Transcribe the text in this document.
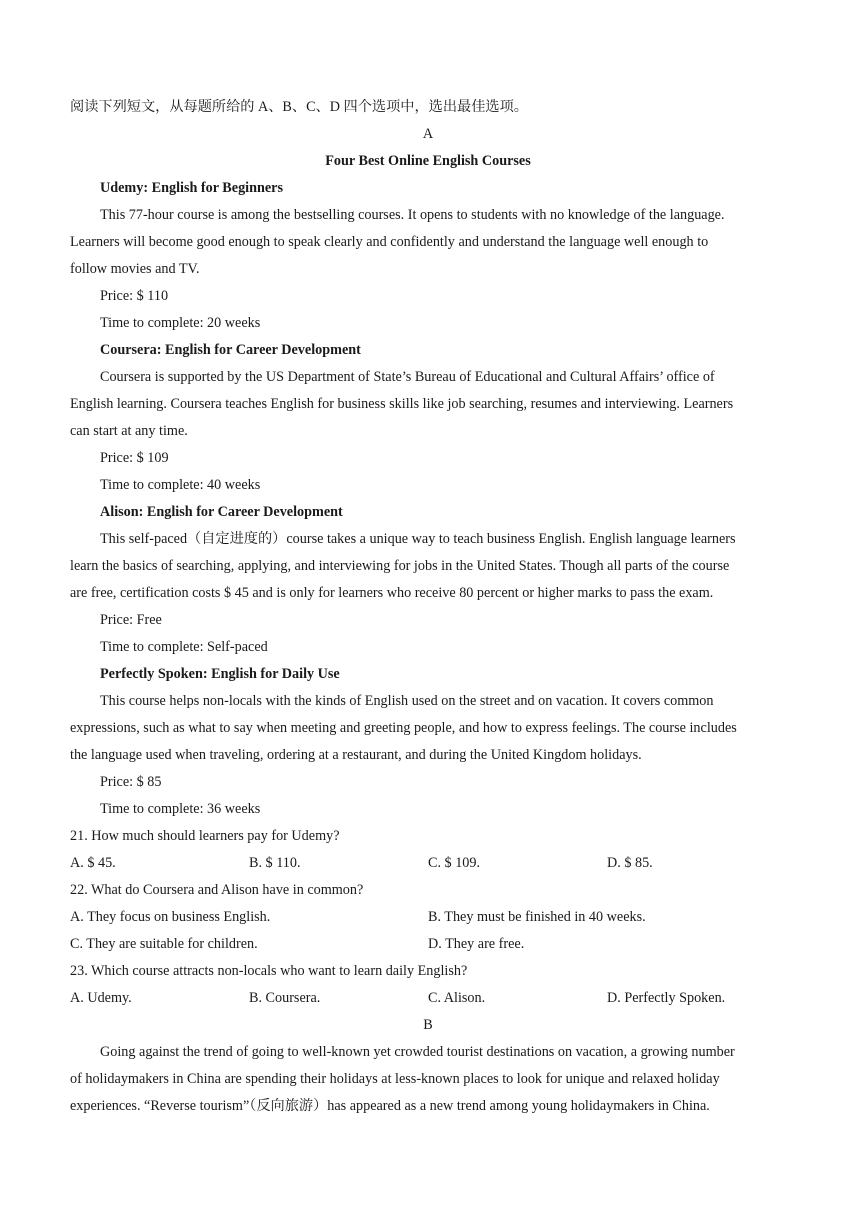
阅读下列短文，从每题所给的 A、B、C、D 四个选项中，选出最佳选项。
A
Four Best Online English Courses
Udemy: English for Beginners
This 77-hour course is among the bestselling courses. It opens to students with no knowledge of the language.
Learners will become good enough to speak clearly and confidently and understand the language well enough to
follow movies and TV.
Price: $ 110
Time to complete: 20 weeks
Coursera: English for Career Development
Coursera is supported by the US Department of State’s Bureau of Educational and Cultural Affairs’ office of
English learning. Coursera teaches English for business skills like job searching, resumes and interviewing. Learners
can start at any time.
Price: $ 109
Time to complete: 40 weeks
Alison: English for Career Development
This self-paced（自定进度的）course takes a unique way to teach business English. English language learners
learn the basics of searching, applying, and interviewing for jobs in the United States. Though all parts of the course
are free, certification costs $ 45 and is only for learners who receive 80 percent or higher marks to pass the exam.
Price: Free
Time to complete: Self-paced
Perfectly Spoken: English for Daily Use
This course helps non-locals with the kinds of English used on the street and on vacation. It covers common
expressions, such as what to say when meeting and greeting people, and how to express feelings. The course includes
the language used when traveling, ordering at a restaurant, and during the United Kingdom holidays.
Price: $ 85
Time to complete: 36 weeks
21. How much should learners pay for Udemy?
A. $ 45.	B. $ 110.	C. $ 109.	D. $ 85.
22. What do Coursera and Alison have in common?
A. They focus on business English.	B. They must be finished in 40 weeks.
C. They are suitable for children.	D. They are free.
23. Which course attracts non-locals who want to learn daily English?
A. Udemy.	B. Coursera.	C. Alison.	D. Perfectly Spoken.
B
Going against the trend of going to well-known yet crowded tourist destinations on vacation, a growing number
of holidaymakers in China are spending their holidays at less-known places to look for unique and relaxed holiday
experiences. “Reverse tourism”（反向旅游）has appeared as a new trend among young holidaymakers in China.
